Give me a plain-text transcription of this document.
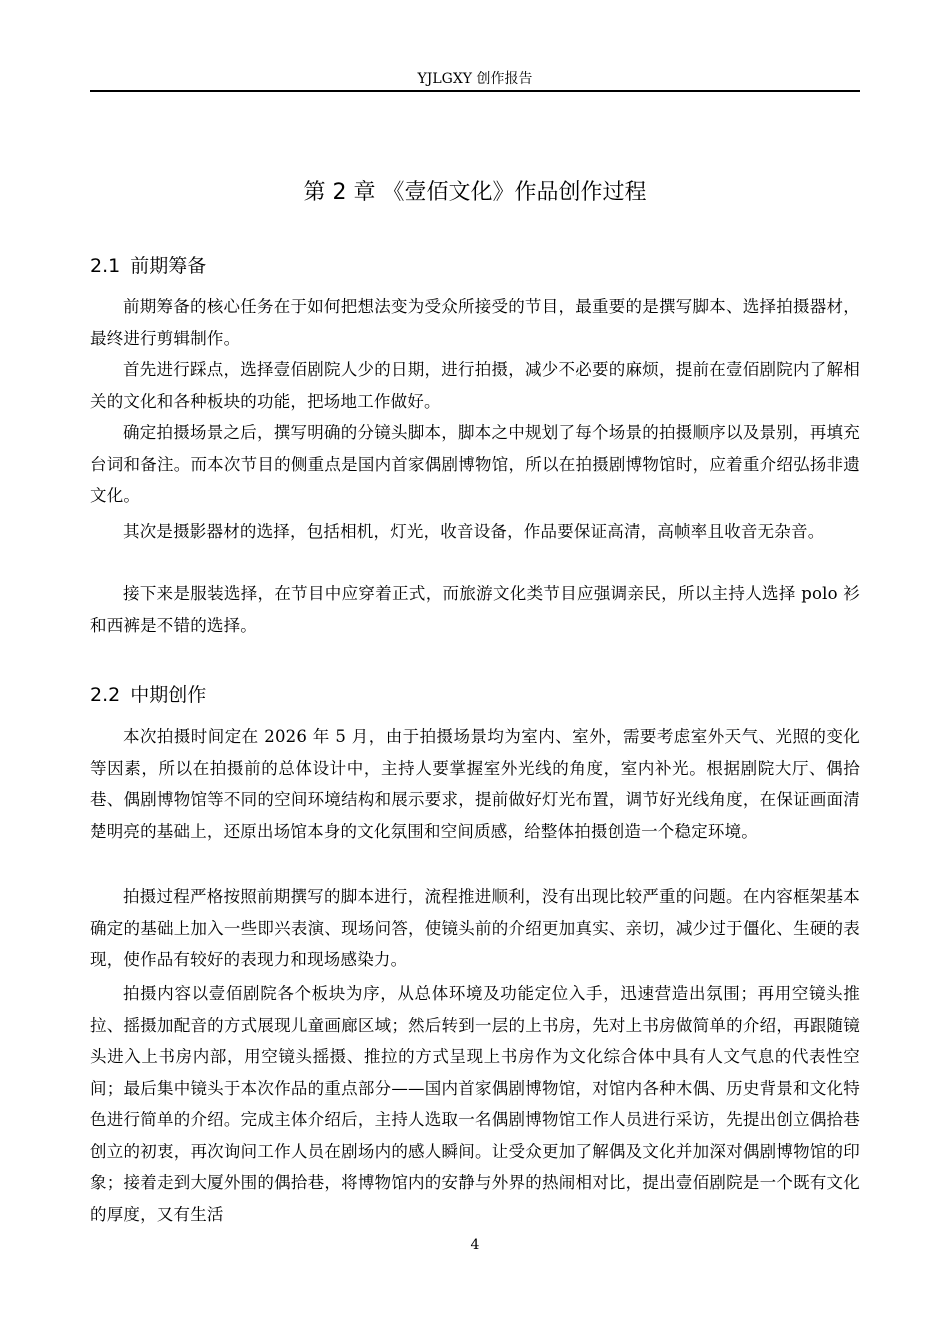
YJLGXY 创作报告
第 2 章 《壹佰文化》作品创作过程
2.1 前期筹备

前期筹备的核心任务在于如何把想法变为受众所接受的节目，最重要的是撰写脚本、选择拍摄器材，最终进行剪辑制作。

首先进行踩点，选择壹佰剧院人少的日期，进行拍摄，减少不必要的麻烦，提前在壹佰剧院内了解相关的文化和各种板块的功能，把场地工作做好。

确定拍摄场景之后，撰写明确的分镜头脚本，脚本之中规划了每个场景的拍摄顺序以及景别，再填充台词和备注。而本次节目的侧重点是国内首家偶剧博物馆，所以在拍摄剧博物馆时，应着重介绍弘扬非遗文化。

其次是摄影器材的选择，包括相机，灯光，收音设备，作品要保证高清，高帧率且收音无杂音。

接下来是服装选择，在节目中应穿着正式，而旅游文化类节目应强调亲民，所以主持人选择 polo 衫和西裤是不错的选择。

2.2 中期创作

本次拍摄时间定在 2026 年 5 月，由于拍摄场景均为室内、室外，需要考虑室外天气、光照的变化等因素，所以在拍摄前的总体设计中，主持人要掌握室外光线的角度，室内补光。根据剧院大厅、偶拾巷、偶剧博物馆等不同的空间环境结构和展示要求，提前做好灯光布置，调节好光线角度，在保证画面清楚明亮的基础上，还原出场馆本身的文化氛围和空间质感，给整体拍摄创造一个稳定环境。

拍摄过程严格按照前期撰写的脚本进行，流程推进顺利，没有出现比较严重的问题。在内容框架基本确定的基础上加入一些即兴表演、现场问答，使镜头前的介绍更加真实、亲切，减少过于僵化、生硬的表现，使作品有较好的表现力和现场感染力。

拍摄内容以壹佰剧院各个板块为序，从总体环境及功能定位入手，迅速营造出氛围；再用空镜头推拉、摇摄加配音的方式展现儿童画廊区域；然后转到一层的上书房，先对上书房做简单的介绍，再跟随镜头进入上书房内部，用空镜头摇摄、推拉的方式呈现上书房作为文化综合体中具有人文气息的代表性空间；最后集中镜头于本次作品的重点部分——国内首家偶剧博物馆，对馆内各种木偶、历史背景和文化特色进行简单的介绍。完成主体介绍后，主持人选取一名偶剧博物馆工作人员进行采访，先提出创立偶拾巷创立的初衷，再次询问工作人员在剧场内的感人瞬间。让受众更加了解偶及文化并加深对偶剧博物馆的印象；接着走到大厦外围的偶拾巷，将博物馆内的安静与外界的热闹相对比，提出壹佰剧院是一个既有文化的厚度，又有生活

4
